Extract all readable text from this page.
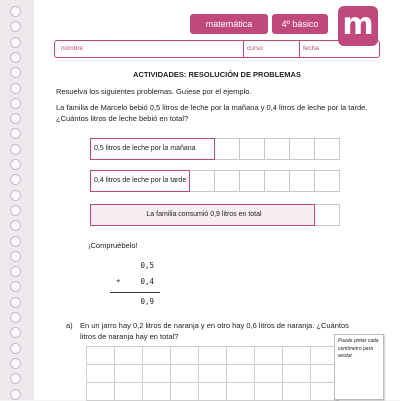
matemática	4º básico m
nombre	curso	fecha
ACTIVIDADES: RESOLUCIÓN DE PROBLEMAS
Resuelva los siguientes problemas. Guíese por el ejemplo.
La familia de Marcelo bebió 0,5 litros de leche por la mañana y 0,4 litros de leche por la tarde. ¿Cuántos litros de leche bebió en total?
0,5 litros de leche por la mañana
0,4 litros de leche por la tarde
La familia consumió 0,9 litros en total
¡Compruébelo!
0,5
+	0,4
0,9
a) En un jarro hay 0,2 litros de naranja y en otro hay 0,6 litros de naranja. ¿Cuántos litros de naranja hay en total?	Puede pintar cada centímetro para anotar
